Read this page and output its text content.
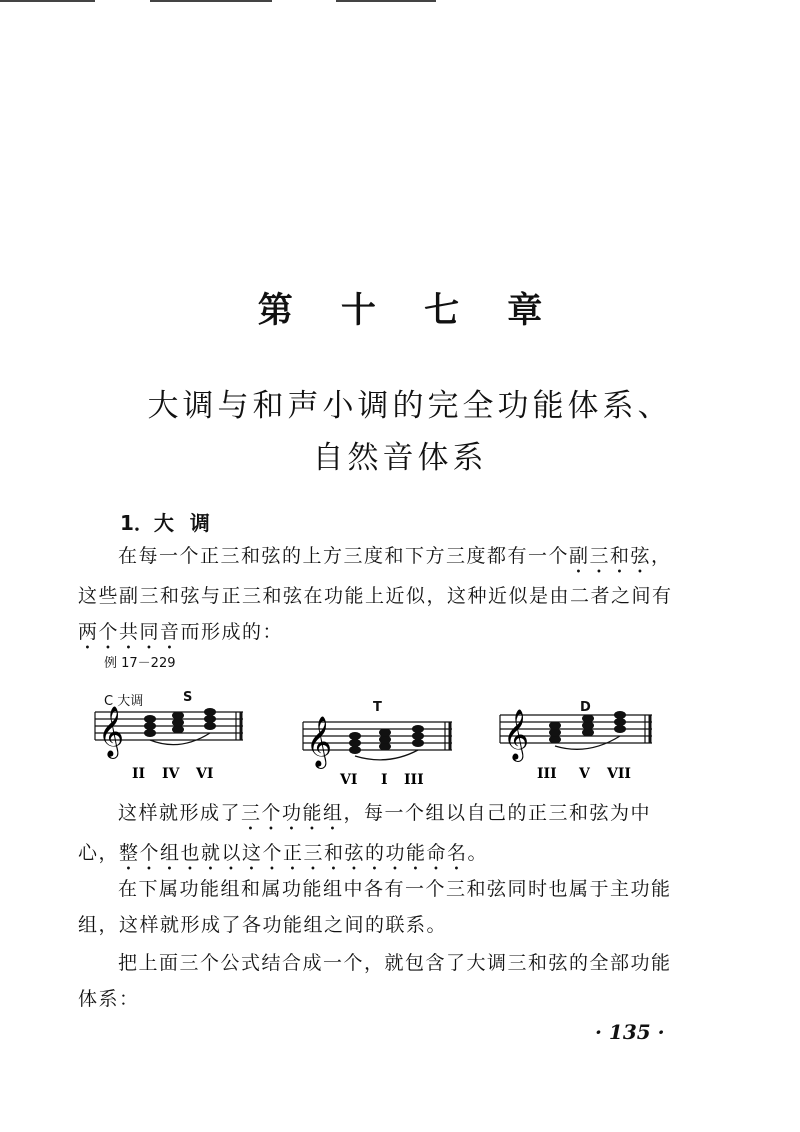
第 十 七 章
大调与和声小调的完全功能体系、
自然音体系
1．大 调

在每一个正三和弦的上方三度和下方三度都有一个副三和弦，这些副三和弦与正三和弦在功能上近似，这种近似是由二者之间有两个共同音而形成的：

例 17－229
C 大调	S
T	D
𝄞	𝄞	𝄞
II IV VI	VI I III	III V VII

这样就形成了三个功能组，每一个组以自己的正三和弦为中心，整个组也就以这个正三和弦的功能命名。

在下属功能组和属功能组中各有一个三和弦同时也属于主功能组，这样就形成了各功能组之间的联系。

把上面三个公式结合成一个，就包含了大调三和弦的全部功能体系：

· 135 ·
